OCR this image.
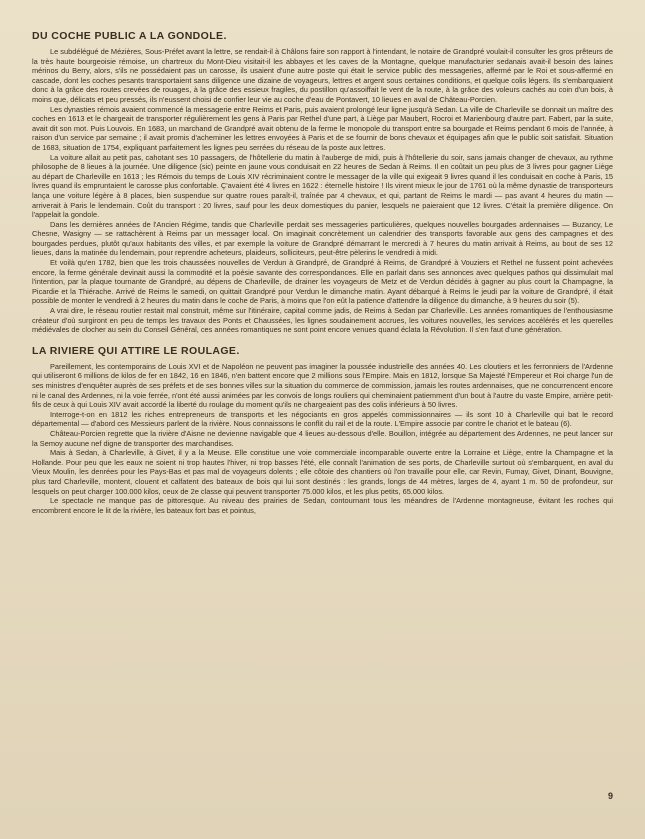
DU COCHE PUBLIC A LA GONDOLE.

Le subdélégué de Mézières, Sous-Préfet avant la lettre, se rendait-il à Châlons faire son rapport à l'intendant, le notaire de Grandpré voulait-il consulter les gros prêteurs de la très haute bourgeoisie rémoise, un chartreux du Mont-Dieu visitait-il les abbayes et les caves de la Montagne, quelque manufacturier sedanais avait-il besoin des laines mérinos du Berry, alors, s'ils ne possédaient pas un carosse, ils usaient d'une autre poste qui était le service public des messageries, affermé par le Roi et sous-affermé en cascade, dont les coches pesants transportaient sans diligence une dizaine de voyageurs, lettres et argent sous certaines conditions, et quelque colis légers. Ils s'embarquaient donc à la grâce des routes crevées de rouages, à la grâce des essieux fragiles, du postillon qu'assoiffait le vent de la route, à la grâce des voleurs cachés au coin d'un bois, à moins que, délicats et peu pressés, ils n'eussent choisi de confier leur vie au coche d'eau de Pontavert, 10 lieues en aval de Château-Porcien.

Les dynasties rémois avaient commencé la messagerie entre Reims et Paris, puis avaient prolongé leur ligne jusqu'à Sedan. La ville de Charleville se donnait un maître des coches en 1613 et le chargeait de transporter régulièrement les gens à Paris par Rethel d'une part, à Liège par Maubert, Rocroi et Marienbourg d'autre part. Fabert, par la suite, avait dit son mot. Puis Louvois. En 1683, un marchand de Grandpré avait obtenu de la ferme le monopole du transport entre sa bourgade et Reims pendant 6 mois de l'année, à raison d'un service par semaine ; il avait promis d'acheminer les lettres envoyées à Paris et de se fournir de bons chevaux et équipages afin que le public soit satisfait. Situation de 1683, situation de 1754, expliquant parfaitement les lignes peu serrées du réseau de la poste aux lettres.

La voiture allait au petit pas, cahotant ses 10 passagers, de l'hôtellerie du matin à l'auberge de midi, puis à l'hôtellerie du soir, sans jamais changer de chevaux, au rythme philosophe de 8 lieues à la journée. Une diligence (sic) peinte en jaune vous conduisait en 22 heures de Sedan à Reims. Il en coûtait un peu plus de 3 livres pour gagner Liège au départ de Charleville en 1613 ; les Rémois du temps de Louis XIV récriminaient contre le messager de la ville qui exigeait 9 livres quand il les conduisait en coche à Paris, 15 livres quand ils empruntaient le carosse plus confortable. Ç'avaient été 4 livres en 1622 : éternelle histoire ! Ils virent mieux le jour de 1761 où la même dynastie de transporteurs lança une voiture légère à 8 places, bien suspendue sur quatre roues paraît-il, traînée par 4 chevaux, et qui, partant de Reims le mardi — pas avant 4 heures du matin — arriverait à Paris le lendemain. Coût du transport : 20 livres, sauf pour les deux domestiques du panier, lesquels ne paieraient que 12 livres. C'était la première diligence. On l'appelait la gondole.

Dans les dernières années de l'Ancien Régime, tandis que Charleville perdait ses messageries particulières, quelques nouvelles bourgades ardennaises — Buzancy, Le Chesne, Wasigny — se rattachèrent à Reims par un messager local. On imaginait concrètement un calendrier des transports favorable aux gens des campagnes et des bourgades perdues, plutôt qu'aux habitants des villes, et par exemple la voiture de Grandpré démarrant le mercredi à 7 heures du matin arrivait à Reims, au bout de ses 12 lieues, dans la matinée du lendemain, pour reprendre acheteurs, plaideurs, solliciteurs, peut-être pèlerins le vendredi à midi.

Et voilà qu'en 1782, bien que les trois chaussées nouvelles de Verdun à Grandpré, de Grandpré à Reims, de Grandpré à Vouziers et Rethel ne fussent point achevées encore, la ferme générale devinait aussi la commodité et la poésie savante des correspondances. Elle en parlait dans ses annonces avec quelques pathos qui dissimulait mal l'intention, par la plaque tournante de Grandpré, au dépens de Charleville, de drainer les voyageurs de Metz et de Verdun décidés à gagner au plus court la Champagne, la Picardie et la Thiérache. Arrivé de Reims le samedi, on quittait Grandpré pour Verdun le dimanche matin. Ayant débarqué à Reims le jeudi par la voiture de Grandpré, il était possible de monter le vendredi à 2 heures du matin dans le coche de Paris, à moins que l'on eût la patience d'attendre la diligence du dimanche, à 9 heures du soir (5).

A vrai dire, le réseau routier restait mal construit, même sur l'itinéraire, capital comme jadis, de Reims à Sedan par Charleville. Les années romantiques de l'enthousiasme créateur d'où surgiront en peu de temps les travaux des Ponts et Chaussées, les lignes soudainement accrues, les voitures nouvelles, les services accélérés et les querelles médiévales de clocher au sein du Conseil Général, ces années romantiques ne sont point encore venues quand éclata la Révolution. Il s'en faut d'une génération.

LA RIVIERE QUI ATTIRE LE ROULAGE.

Pareillement, les contemporains de Louis XVI et de Napoléon ne peuvent pas imaginer la poussée industrielle des années 40. Les cloutiers et les ferronniers de l'Ardenne qui utiliseront 6 millions de kilos de fer en 1842, 16 en 1846, n'en battent encore que 2 millions sous l'Empire. Mais en 1812, lorsque Sa Majesté l'Empereur et Roi charge l'un de ses ministres d'enquêter auprès de ses préfets et de ses bonnes villes sur la situation du commerce de commission, jamais les routes ardennaises, que ne concurrencent encore ni le canal des Ardennes, ni la voie ferrée, n'ont été aussi animées par les convois de longs rouliers qui cheminaient patiemment d'un bout à l'autre du vaste Empire, arrière petit-fils de ceux à qui Louis XIV avait accordé la liberté du roulage du moment qu'ils ne chargeaient pas des colis inférieurs à 50 livres.

Interroge-t-on en 1812 les riches entrepreneurs de transports et les négociants en gros appelés commissionnaires — ils sont 10 à Charleville qui bat le record départemental — d'abord ces Messieurs parlent de la rivière. Nous connaissons le conflit du rail et de la route. L'Empire associe par contre le chariot et le bateau (6).

Château-Porcien regrette que la rivière d'Aisne ne devienne navigable que 4 lieues au-dessous d'elle. Bouillon, intégrée au département des Ardennes, ne peut lancer sur la Semoy aucune nef digne de transporter des marchandises.

Mais à Sedan, à Charleville, à Givet, il y a la Meuse. Elle constitue une voie commerciale incomparable ouverte entre la Lorraine et Liège, entre la Champagne et la Hollande. Pour peu que les eaux ne soient ni trop hautes l'hiver, ni trop basses l'été, elle connaît l'animation de ses ports, de Charleville surtout où s'embarquent, en aval du Vieux Moulin, les denrées pour les Pays-Bas et pas mal de voyageurs dolents ; elle côtoie des chantiers où l'on travaille pour elle, car Revin, Fumay, Givet, Dinant, Bouvigne, plus tard Charleville, montent, clouent et calfatent des bateaux de bois qui lui sont destinés : les grands, longs de 44 mètres, larges de 4, ayant 1 m. 50 de profondeur, sur lesquels on peut charger 100.000 kilos, ceux de 2e classe qui peuvent transporter 75.000 kilos, et les plus petits, 65.000 kilos.

Le spectacle ne manque pas de pittoresque. Au niveau des prairies de Sedan, contournant tous les méandres de l'Ardenne montagneuse, évitant les roches qui encombrent encore le lit de la rivière, les bateaux fort bas et pointus,

9
